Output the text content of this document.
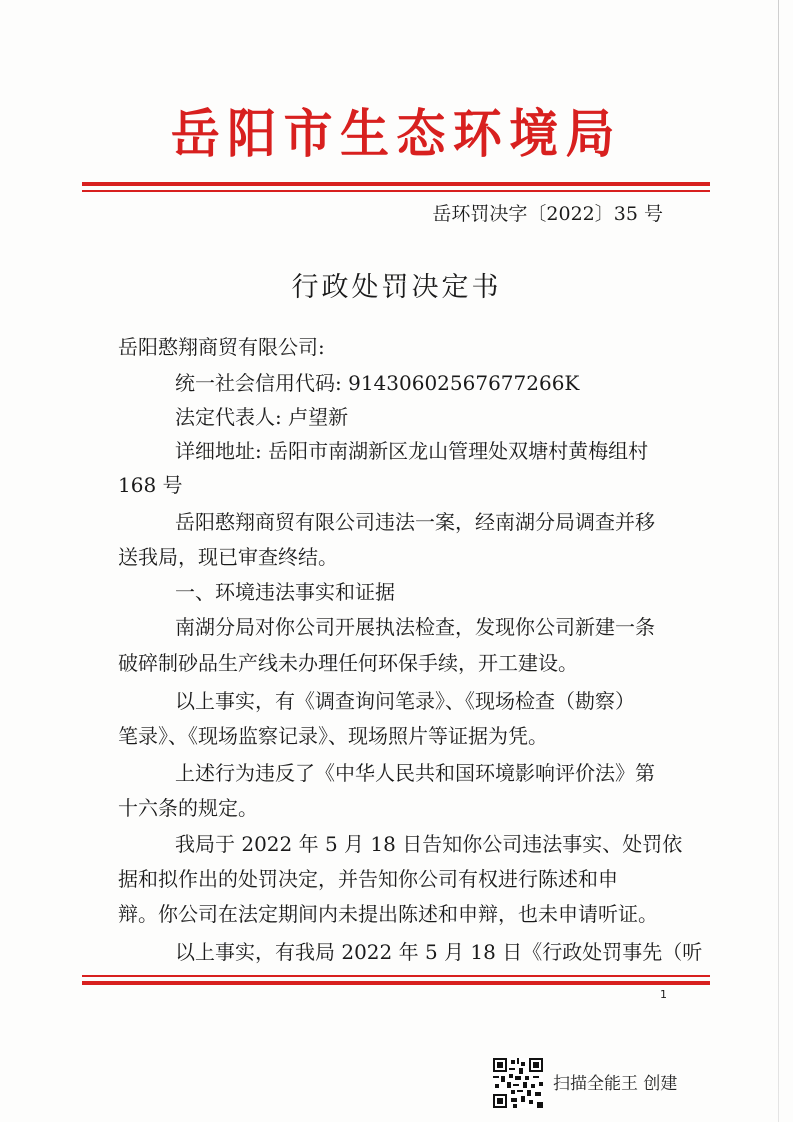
岳阳市生态环境局
岳环罚决字〔2022〕35 号
行政处罚决定书
岳阳憨翔商贸有限公司:
统一社会信用代码: 91430602567677266K
法定代表人: 卢望新
详细地址: 岳阳市南湖新区龙山管理处双塘村黄梅组村
168 号
岳阳憨翔商贸有限公司违法一案，经南湖分局调查并移
送我局，现已审查终结。
一、环境违法事实和证据
南湖分局对你公司开展执法检查，发现你公司新建一条
破碎制砂品生产线未办理任何环保手续，开工建设。
以上事实，有《调查询问笔录》、《现场检查（勘察）
笔录》、《现场监察记录》、现场照片等证据为凭。
上述行为违反了《中华人民共和国环境影响评价法》第
十六条的规定。
我局于 2022 年 5 月 18 日告知你公司违法事实、处罚依
据和拟作出的处罚决定，并告知你公司有权进行陈述和申
辩。你公司在法定期间内未提出陈述和申辩，也未申请听证。
以上事实，有我局 2022 年 5 月 18 日《行政处罚事先（听
1
扫描全能王 创建
